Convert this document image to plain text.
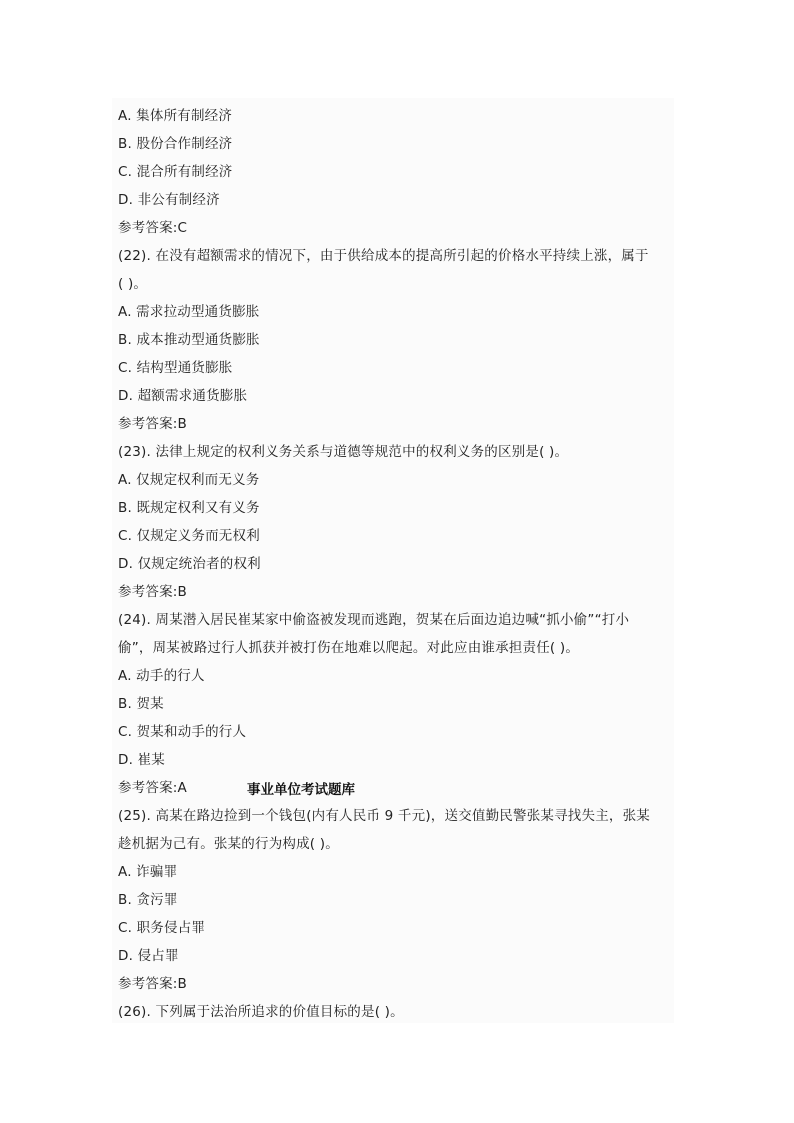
A. 集体所有制经济
B. 股份合作制经济
C. 混合所有制经济
D. 非公有制经济
参考答案:C
(22). 在没有超额需求的情况下，由于供给成本的提高所引起的价格水平持续上涨，属于
( )。
A. 需求拉动型通货膨胀
B. 成本推动型通货膨胀
C. 结构型通货膨胀
D. 超额需求通货膨胀
参考答案:B
(23). 法律上规定的权利义务关系与道德等规范中的权利义务的区别是( )。
A. 仅规定权利而无义务
B. 既规定权利又有义务
C. 仅规定义务而无权利
D. 仅规定统治者的权利
参考答案:B
(24). 周某潜入居民崔某家中偷盗被发现而逃跑，贺某在后面边追边喊“抓小偷”“打小
偷”，周某被路过行人抓获并被打伤在地难以爬起。对此应由谁承担责任( )。
A. 动手的行人
B. 贺某
C. 贺某和动手的行人
D. 崔某
参考答案:A	事业单位考试题库
(25). 高某在路边捡到一个钱包(内有人民币 9 千元)，送交值勤民警张某寻找失主，张某
趁机据为己有。张某的行为构成( )。
A. 诈骗罪
B. 贪污罪
C. 职务侵占罪
D. 侵占罪
参考答案:B
(26). 下列属于法治所追求的价值目标的是( )。
